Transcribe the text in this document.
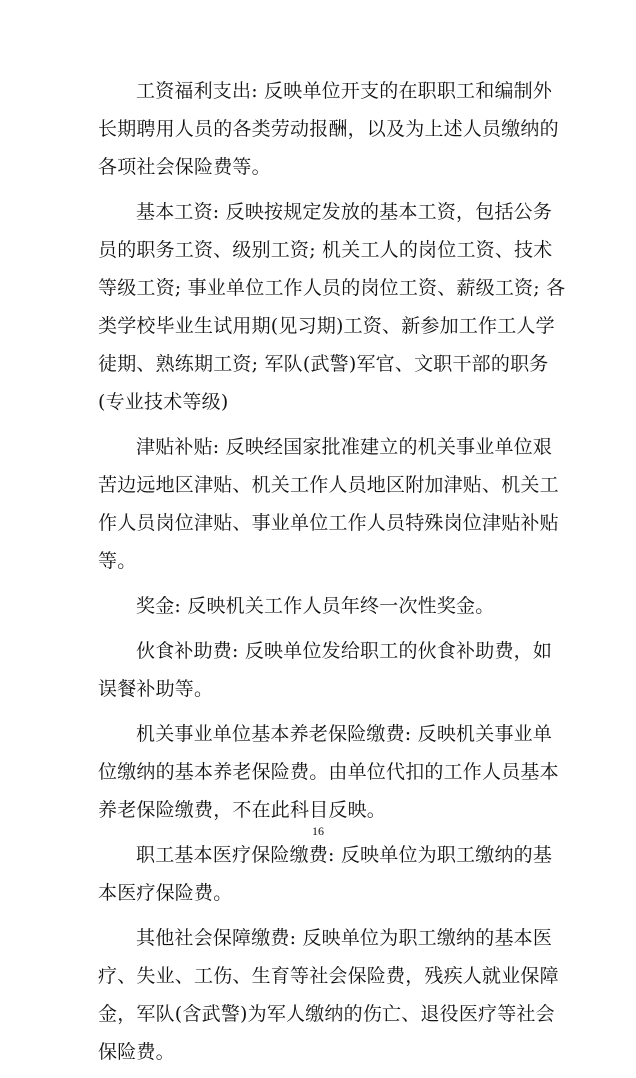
工资福利支出: 反映单位开支的在职职工和编制外长期聘用人员的各类劳动报酬，以及为上述人员缴纳的各项社会保险费等。

基本工资: 反映按规定发放的基本工资，包括公务员的职务工资、级别工资; 机关工人的岗位工资、技术等级工资; 事业单位工作人员的岗位工资、薪级工资; 各类学校毕业生试用期(见习期)工资、新参加工作工人学徒期、熟练期工资; 军队(武警)军官、文职干部的职务(专业技术等级)

津贴补贴: 反映经国家批准建立的机关事业单位艰苦边远地区津贴、机关工作人员地区附加津贴、机关工作人员岗位津贴、事业单位工作人员特殊岗位津贴补贴等。

奖金: 反映机关工作人员年终一次性奖金。

伙食补助费: 反映单位发给职工的伙食补助费，如误餐补助等。

机关事业单位基本养老保险缴费: 反映机关事业单位缴纳的基本养老保险费。由单位代扣的工作人员基本养老保险缴费，不在此科目反映。

职工基本医疗保险缴费: 反映单位为职工缴纳的基本医疗保险费。

其他社会保障缴费: 反映单位为职工缴纳的基本医疗、失业、工伤、生育等社会保险费，残疾人就业保障金，军队(含武警)为军人缴纳的伤亡、退役医疗等社会保险费。

16
